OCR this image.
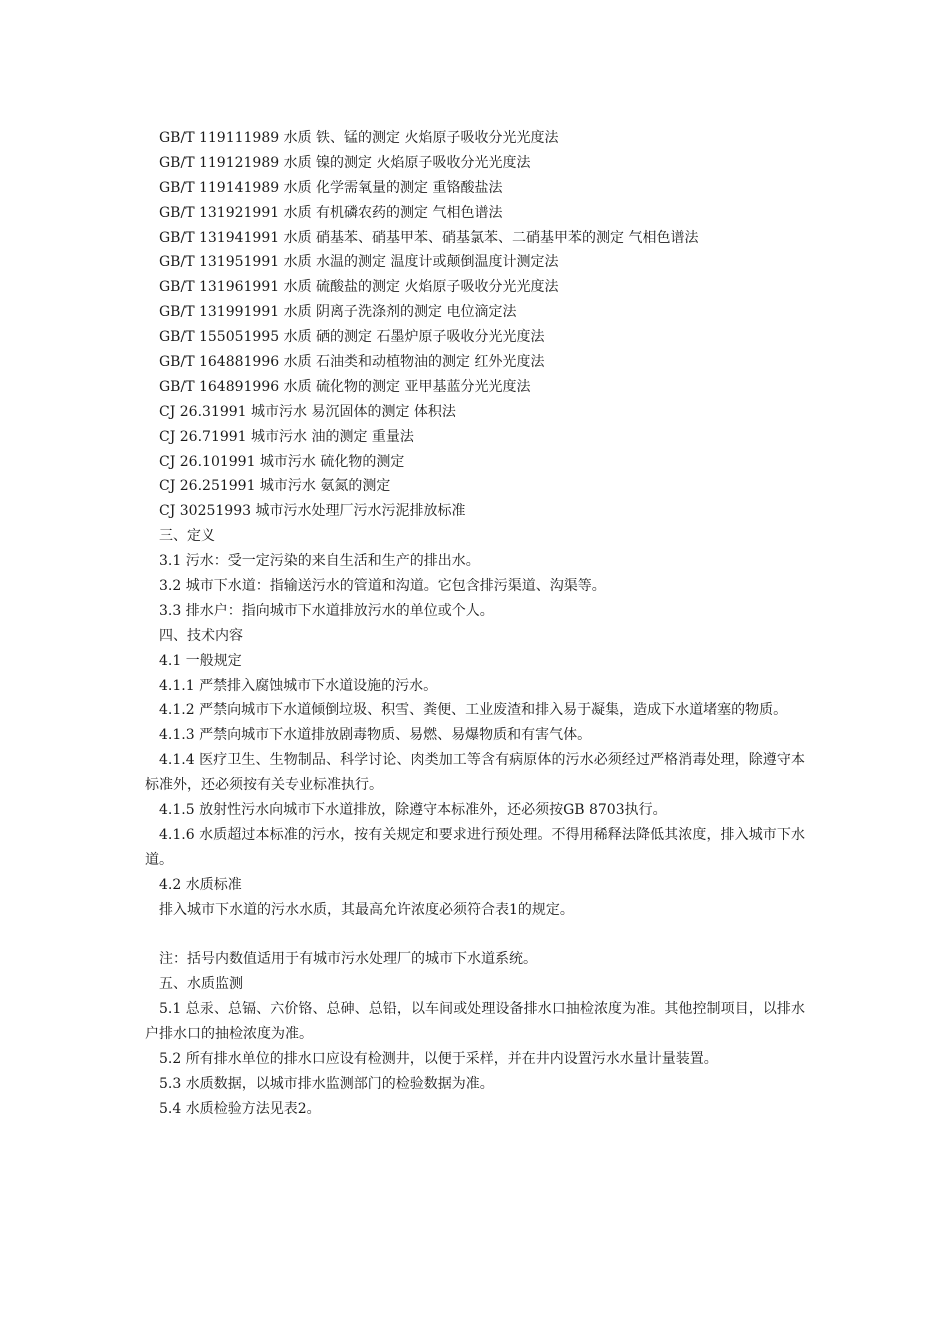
GB/T 119111989 水质 铁、锰的测定 火焰原子吸收分光光度法
GB/T 119121989 水质 镍的测定 火焰原子吸收分光光度法
GB/T 119141989 水质 化学需氧量的测定 重铬酸盐法
GB/T 131921991 水质 有机磷农药的测定 气相色谱法
GB/T 131941991 水质 硝基苯、硝基甲苯、硝基氯苯、二硝基甲苯的测定 气相色谱法
GB/T 131951991 水质 水温的测定 温度计或颠倒温度计测定法
GB/T 131961991 水质 硫酸盐的测定 火焰原子吸收分光光度法
GB/T 131991991 水质 阴离子洗涤剂的测定 电位滴定法
GB/T 155051995 水质 硒的测定 石墨炉原子吸收分光光度法
GB/T 164881996 水质 石油类和动植物油的测定 红外光度法
GB/T 164891996 水质 硫化物的测定 亚甲基蓝分光光度法
CJ 26.31991 城市污水 易沉固体的测定 体积法
CJ 26.71991 城市污水 油的测定 重量法
CJ 26.101991 城市污水 硫化物的测定
CJ 26.251991 城市污水 氨氮的测定
CJ 30251993 城市污水处理厂污水污泥排放标准
三、定义
3.1 污水：受一定污染的来自生活和生产的排出水。
3.2 城市下水道：指输送污水的管道和沟道。它包含排污渠道、沟渠等。
3.3 排水户：指向城市下水道排放污水的单位或个人。
四、技术内容
4.1 一般规定
4.1.1 严禁排入腐蚀城市下水道设施的污水。

4.1.2 严禁向城市下水道倾倒垃圾、积雪、粪便、工业废渣和排入易于凝集，造成下水道堵塞的物质。

4.1.3 严禁向城市下水道排放剧毒物质、易燃、易爆物质和有害气体。

4.1.4 医疗卫生、生物制品、科学讨论、肉类加工等含有病原体的污水必须经过严格消毒处理，除遵守本标准外，还必须按有关专业标准执行。

4.1.5 放射性污水向城市下水道排放，除遵守本标准外，还必须按GB 8703执行。

4.1.6 水质超过本标准的污水，按有关规定和要求进行预处理。不得用稀释法降低其浓度，排入城市下水道。

4.2 水质标准
排入城市下水道的污水水质，其最高允许浓度必须符合表1的规定。
注：括号内数值适用于有城市污水处理厂的城市下水道系统。
五、水质监测

5.1 总汞、总镉、六价铬、总砷、总铅，以车间或处理设备排水口抽检浓度为准。其他控制项目，以排水户排水口的抽检浓度为准。

5.2 所有排水单位的排水口应设有检测井，以便于采样，并在井内设置污水水量计量装置。
5.3 水质数据，以城市排水监测部门的检验数据为准。
5.4 水质检验方法见表2。
